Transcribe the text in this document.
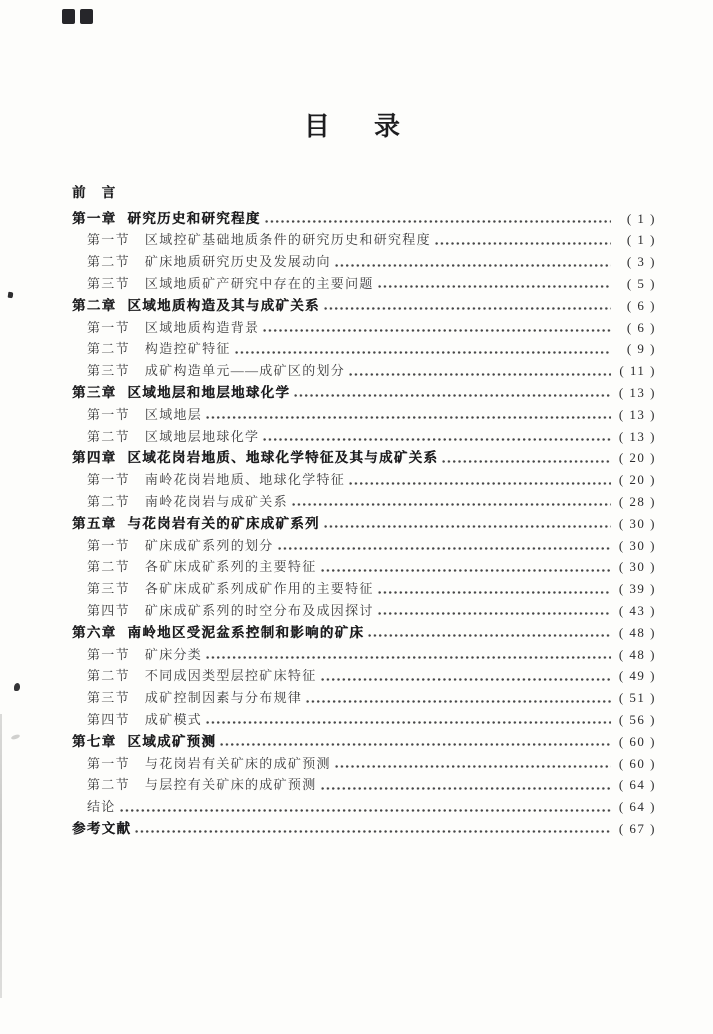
目　录
前　言
第一章 研究历史和研究程度	( 1 )
第一节 区域控矿基础地质条件的研究历史和研究程度	( 1 )
第二节 矿床地质研究历史及发展动向	( 3 )
第三节 区域地质矿产研究中存在的主要问题	( 5 )
第二章 区域地质构造及其与成矿关系	( 6 )
第一节 区域地质构造背景	( 6 )
第二节 构造控矿特征	( 9 )
第三节 成矿构造单元——成矿区的划分	( 11 )
第三章 区域地层和地层地球化学	( 13 )
第一节 区域地层	( 13 )
第二节 区域地层地球化学	( 13 )
第四章 区域花岗岩地质、地球化学特征及其与成矿关系	( 20 )
第一节 南岭花岗岩地质、地球化学特征	( 20 )
第二节 南岭花岗岩与成矿关系	( 28 )
第五章 与花岗岩有关的矿床成矿系列	( 30 )
第一节 矿床成矿系列的划分	( 30 )
第二节 各矿床成矿系列的主要特征	( 30 )
第三节 各矿床成矿系列成矿作用的主要特征	( 39 )
第四节 矿床成矿系列的时空分布及成因探讨	( 43 )
第六章 南岭地区受泥盆系控制和影响的矿床	( 48 )
第一节 矿床分类	( 48 )
第二节 不同成因类型层控矿床特征	( 49 )
第三节 成矿控制因素与分布规律	( 51 )
第四节 成矿模式	( 56 )
第七章 区域成矿预测	( 60 )
第一节 与花岗岩有关矿床的成矿预测	( 60 )
第二节 与层控有关矿床的成矿预测	( 64 )
结论	( 64 )
参考文献	( 67 )
